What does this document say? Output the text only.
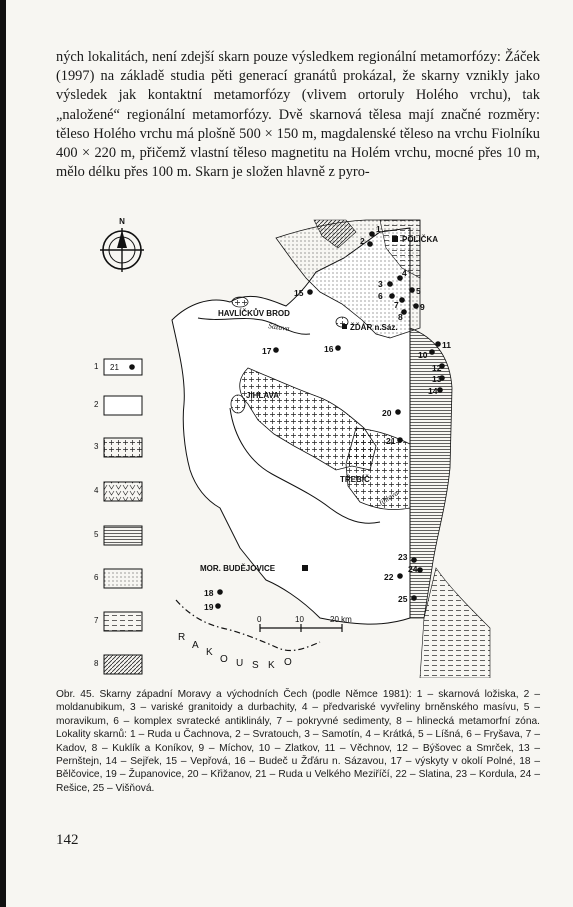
ných lokalitách, není zdejší skarn pouze výsledkem regionální metamorfózy: Žáček (1997) na základě studia pěti generací granátů prokázal, že skarny vznikly jako výsledek jak kontaktní metamorfózy (vlivem ortoruly Holého vrchu), tak „naložené“ regionální metamorfózy. Dvě skarnová tělesa mají značné rozměry: těleso Holého vrchu má plošně 500 × 150 m, magdalenské těleso na vrchu Fiolníku 400 × 220 m, přičemž vlastní těleso magnetitu na Holém vrchu, mocné přes 10 m, mělo délku přes 100 m. Skarn je složen hlavně z pyro-

N
1 21
2
3
4
5
6
7
8
POLIČKA
HAVLÍČKŮV BROD
ŽĎÁR n.Sáz.
JIHLAVA
TŘEBÍČ
MOR. BUDĚJOVICE
Sázava
Jihlava
1
2
3
4
5
6
7
8
9
10
11
12
13
14
15
16
17
18
19
20
21
22
23
24
25
0	10	20 km
R
A
K
O U S K O

Obr. 45. Skarny západní Moravy a východních Čech (podle Němce 1981): 1 – skarnová ložiska, 2 – moldanubikum, 3 – variské granitoidy a durbachity, 4 – předvariské vyvřeliny brněnského masívu, 5 – moravikum, 6 – komplex svratecké antiklinály, 7 – pokryvné sedimenty, 8 – hlinecká metamorfní zóna. Lokality skarnů: 1 – Ruda u Čachnova, 2 – Svratouch, 3 – Samotín, 4 – Krátká, 5 – Líšná, 6 – Fryšava, 7 – Kadov, 8 – Kuklík a Koníkov, 9 – Míchov, 10 – Zlatkov, 11 – Věchnov, 12 – Býšovec a Smrček, 13 – Pernštejn, 14 – Sejřek, 15 – Vepřová, 16 – Budeč u Žďáru n. Sázavou, 17 – výskyty v okolí Polné, 18 – Bělčovice, 19 – Županovice, 20 – Křižanov, 21 – Ruda u Velkého Meziříčí, 22 – Slatina, 23 – Kordula, 24 – Rešice, 25 – Višňová.

142
